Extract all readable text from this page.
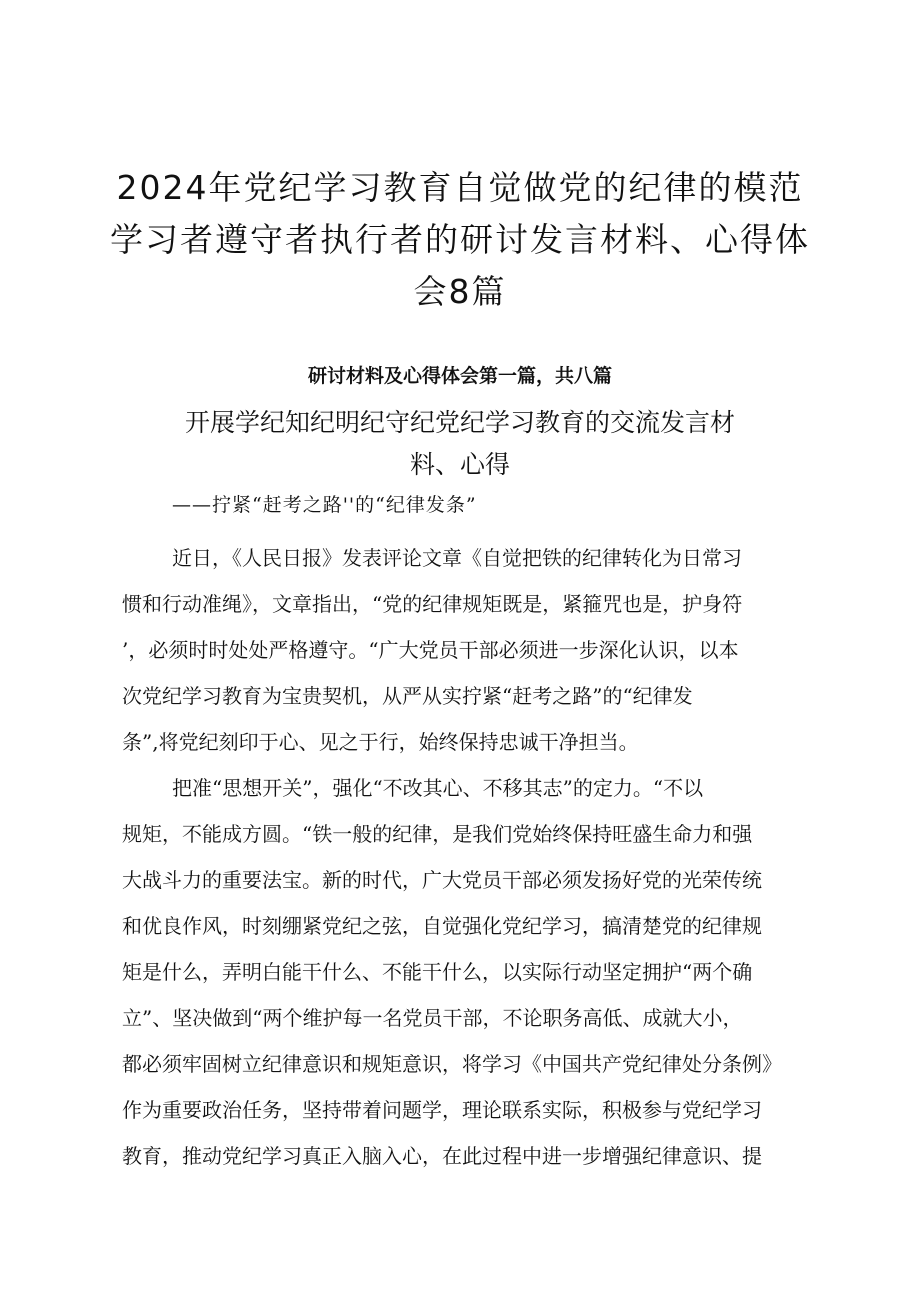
2024年党纪学习教育自觉做党的纪律的模范
学习者遵守者执行者的研讨发言材料、心得体
会8篇
研讨材料及心得体会第一篇，共八篇
开展学纪知纪明纪守纪党纪学习教育的交流发言材
料、心得
——拧紧“赶考之路''的“纪律发条”
近日，《人民日报》发表评论文章《自觉把铁的纪律转化为日常习
惯和行动准绳》，文章指出，“党的纪律规矩既是，紧箍咒也是，护身符
’，必须时时处处严格遵守。“广大党员干部必须进一步深化认识，以本
次党纪学习教育为宝贵契机，从严从实拧紧“赶考之路”的“纪律发
条”,将党纪刻印于心、见之于行，始终保持忠诚干净担当。
把准“思想开关”，强化“不改其心、不移其志”的定力。“不以
规矩，不能成方圆。“铁一般的纪律，是我们党始终保持旺盛生命力和强
大战斗力的重要法宝。新的时代，广大党员干部必须发扬好党的光荣传统
和优良作风，时刻绷紧党纪之弦，自觉强化党纪学习，搞清楚党的纪律规
矩是什么，弄明白能干什么、不能干什么，以实际行动坚定拥护“两个确
立”、坚决做到“两个维护每一名党员干部，不论职务高低、成就大小，
都必须牢固树立纪律意识和规矩意识，将学习《中国共产党纪律处分条例》
作为重要政治任务，坚持带着问题学，理论联系实际，积极参与党纪学习
教育，推动党纪学习真正入脑入心，在此过程中进一步增强纪律意识、提
